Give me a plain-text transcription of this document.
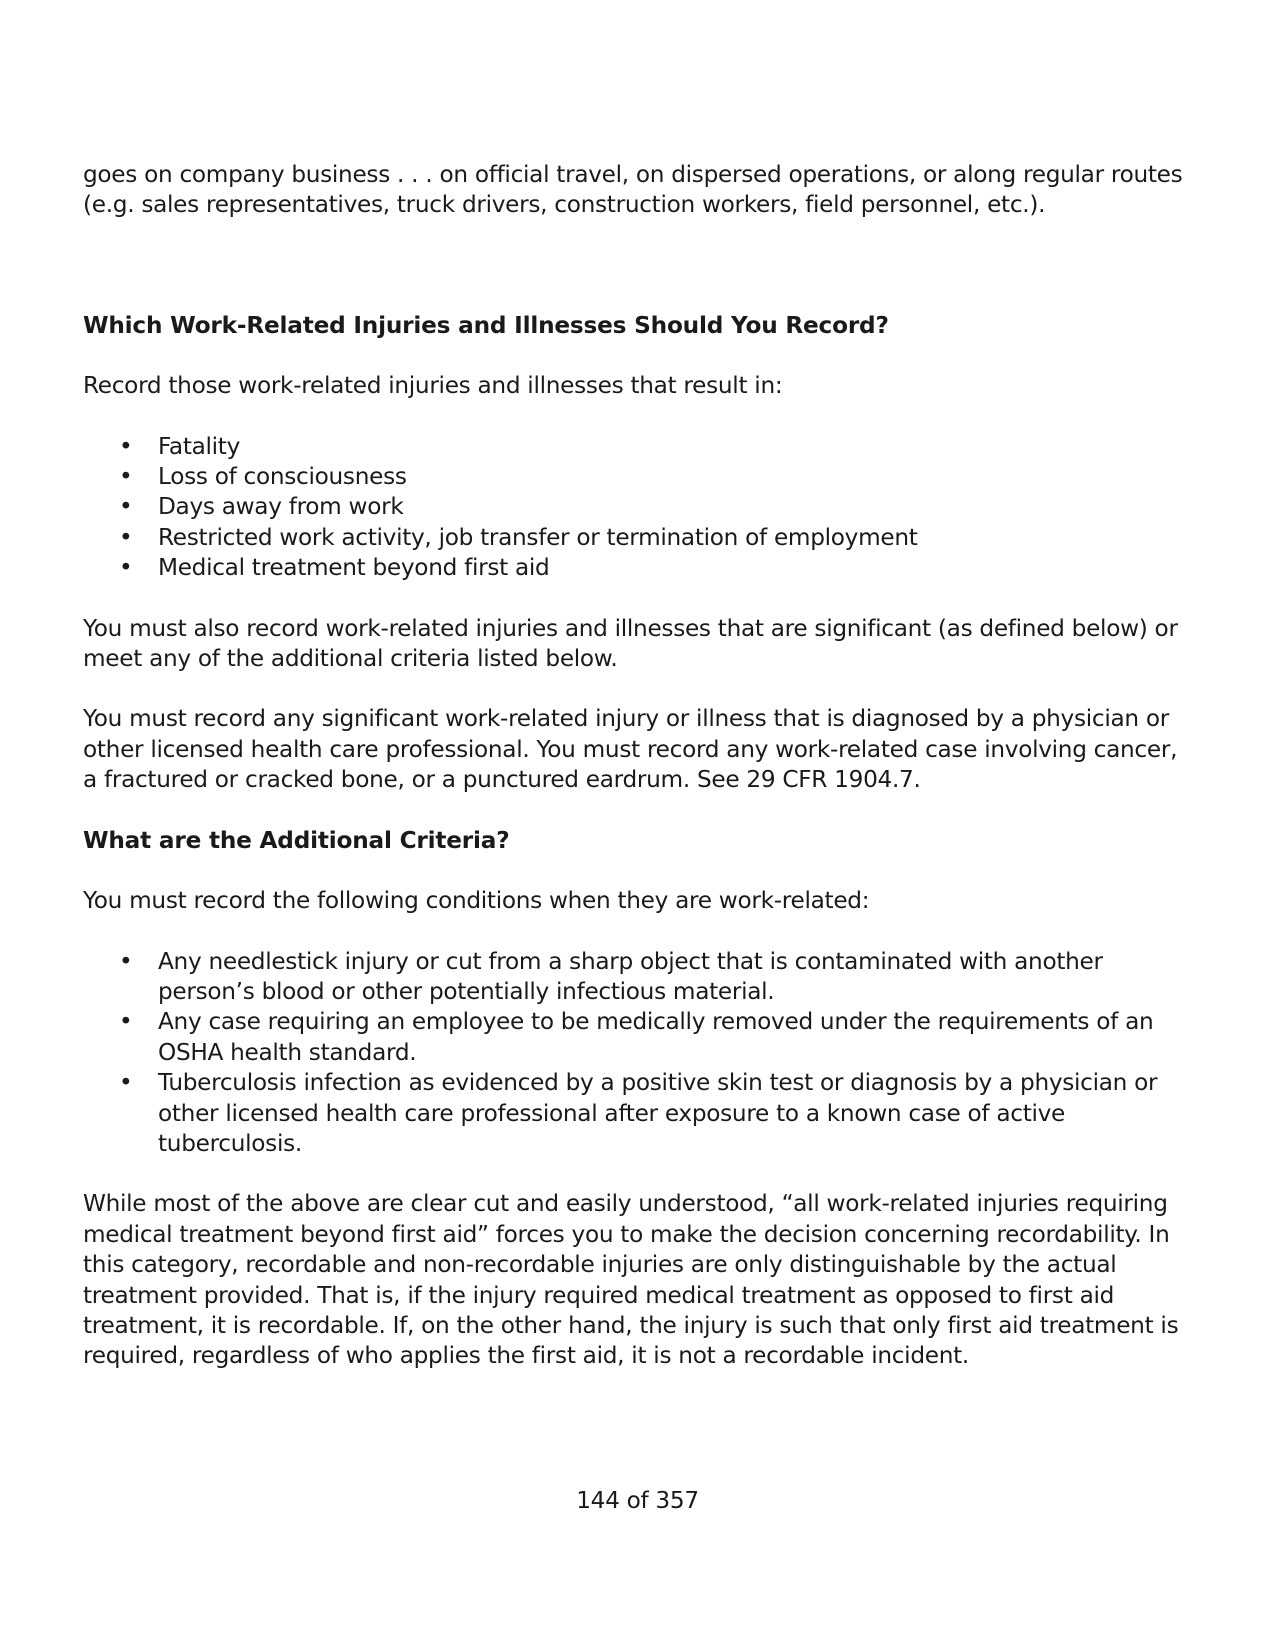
goes on company business . . . on official travel, on dispersed operations, or along regular routes (e.g. sales representatives, truck drivers, construction workers, field personnel, etc.).

Which Work-Related Injuries and Illnesses Should You Record?

Record those work-related injuries and illnesses that result in:

• Fatality
• Loss of consciousness
• Days away from work
• Restricted work activity, job transfer or termination of employment
• Medical treatment beyond first aid

You must also record work-related injuries and illnesses that are significant (as defined below) or meet any of the additional criteria listed below.

You must record any significant work-related injury or illness that is diagnosed by a physician or other licensed health care professional. You must record any work-related case involving cancer, a fractured or cracked bone, or a punctured eardrum. See 29 CFR 1904.7.

What are the Additional Criteria?

You must record the following conditions when they are work-related:

• Any needlestick injury or cut from a sharp object that is contaminated with another person’s blood or other potentially infectious material.
• Any case requiring an employee to be medically removed under the requirements of an OSHA health standard.
• Tuberculosis infection as evidenced by a positive skin test or diagnosis by a physician or other licensed health care professional after exposure to a known case of active tuberculosis.

While most of the above are clear cut and easily understood, “all work-related injuries requiring medical treatment beyond first aid” forces you to make the decision concerning recordability. In this category, recordable and non-recordable injuries are only distinguishable by the actual treatment provided. That is, if the injury required medical treatment as opposed to first aid treatment, it is recordable. If, on the other hand, the injury is such that only first aid treatment is required, regardless of who applies the first aid, it is not a recordable incident.

144 of 357
